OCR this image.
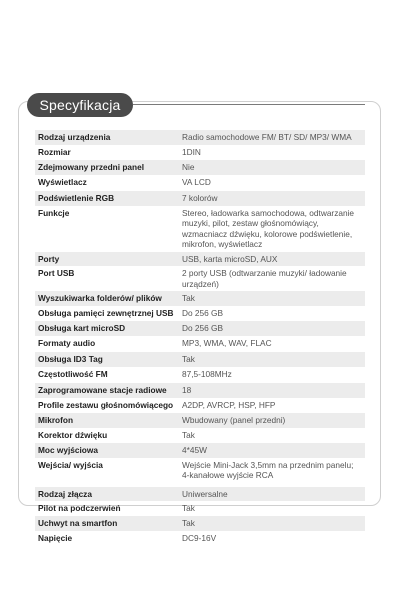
Specyfikacja
Rodzaj urządzenia	Radio samochodowe FM/ BT/ SD/ MP3/ WMA
Rozmiar	1DIN
Zdejmowany przedni panel	Nie
Wyświetlacz	VA LCD
Podświetlenie RGB	7 kolorów
Funkcje	Stereo, ładowarka samochodowa, odtwarzanie muzyki, pilot, zestaw głośnomówiący, wzmacniacz dźwięku, kolorowe podświetlenie, mikrofon, wyświetlacz
Porty	USB, karta microSD, AUX
Port USB	2 porty USB (odtwarzanie muzyki/ ładowanie urządzeń)
Wyszukiwarka folderów/ plików	Tak
Obsługa pamięci zewnętrznej USB	Do 256 GB
Obsługa kart microSD	Do 256 GB
Formaty audio	MP3, WMA, WAV, FLAC
Obsługa ID3 Tag	Tak
Częstotliwość FM	87,5-108MHz
Zaprogramowane stacje radiowe	18
Profile zestawu głośnomówiącego	A2DP, AVRCP, HSP, HFP
Mikrofon	Wbudowany (panel przedni)
Korektor dźwięku	Tak
Moc wyjściowa	4*45W
Wejścia/ wyjścia	Wejście Mini-Jack 3,5mm na przednim panelu; 4-kanałowe wyjście RCA
Rodzaj złącza	Uniwersalne
Pilot na podczerwień	Tak
Uchwyt na smartfon	Tak
Napięcie	DC9-16V
